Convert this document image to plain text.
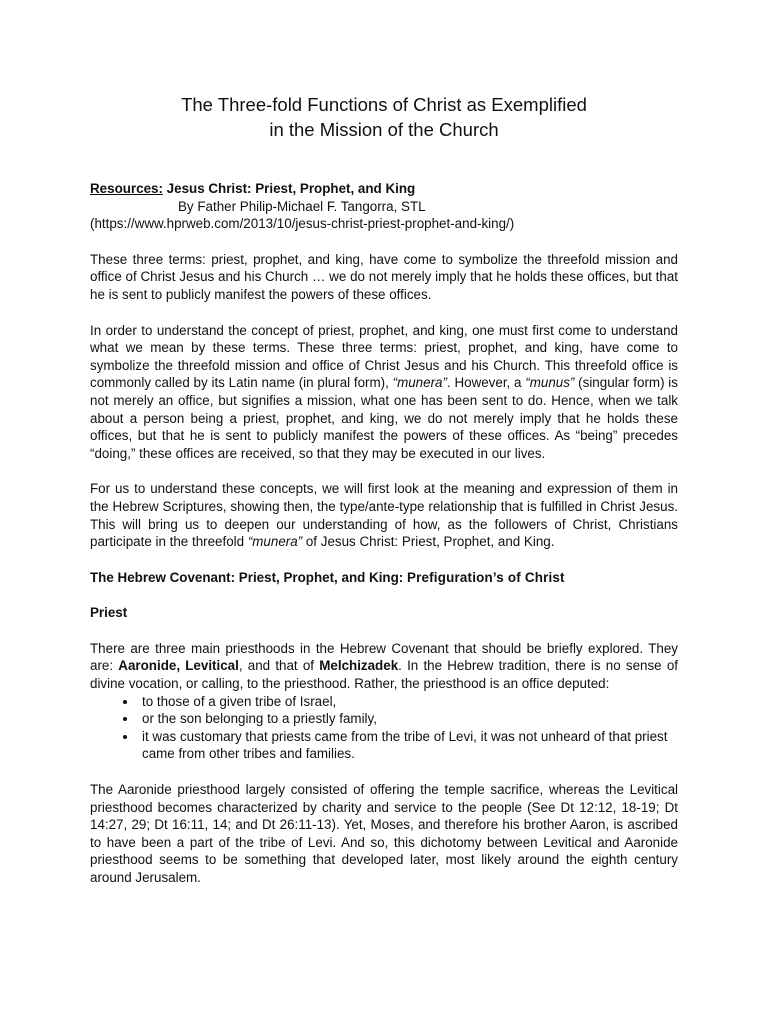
The Three-fold Functions of Christ as Exemplified
in the Mission of the Church

Resources: Jesus Christ: Priest, Prophet, and King

By Father Philip-Michael F. Tangorra, STL

(https://www.hprweb.com/2013/10/jesus-christ-priest-prophet-and-king/)

These three terms: priest, prophet, and king, have come to symbolize the threefold mission and office of Christ Jesus and his Church … we do not merely imply that he holds these offices, but that he is sent to publicly manifest the powers of these offices.

In order to understand the concept of priest, prophet, and king, one must first come to understand what we mean by these terms. These three terms: priest, prophet, and king, have come to symbolize the threefold mission and office of Christ Jesus and his Church. This threefold office is commonly called by its Latin name (in plural form), “munera”. However, a “munus” (singular form) is not merely an office, but signifies a mission, what one has been sent to do. Hence, when we talk about a person being a priest, prophet, and king, we do not merely imply that he holds these offices, but that he is sent to publicly manifest the powers of these offices. As “being” precedes “doing,” these offices are received, so that they may be executed in our lives.

For us to understand these concepts, we will first look at the meaning and expression of them in the Hebrew Scriptures, showing then, the type/ante-type relationship that is fulfilled in Christ Jesus. This will bring us to deepen our understanding of how, as the followers of Christ, Christians participate in the threefold “munera” of Jesus Christ: Priest, Prophet, and King.

The Hebrew Covenant: Priest, Prophet, and King: Prefiguration’s of Christ

Priest

There are three main priesthoods in the Hebrew Covenant that should be briefly explored. They are: Aaronide, Levitical, and that of Melchizadek. In the Hebrew tradition, there is no sense of divine vocation, or calling, to the priesthood. Rather, the priesthood is an office deputed:

• to those of a given tribe of Israel,
• or the son belonging to a priestly family,
• it was customary that priests came from the tribe of Levi, it was not unheard of that priest came from other tribes and families.

The Aaronide priesthood largely consisted of offering the temple sacrifice, whereas the Levitical priesthood becomes characterized by charity and service to the people (See Dt 12:12, 18-19; Dt 14:27, 29; Dt 16:11, 14; and Dt 26:11-13). Yet, Moses, and therefore his brother Aaron, is ascribed to have been a part of the tribe of Levi. And so, this dichotomy between Levitical and Aaronide priesthood seems to be something that developed later, most likely around the eighth century around Jerusalem.
